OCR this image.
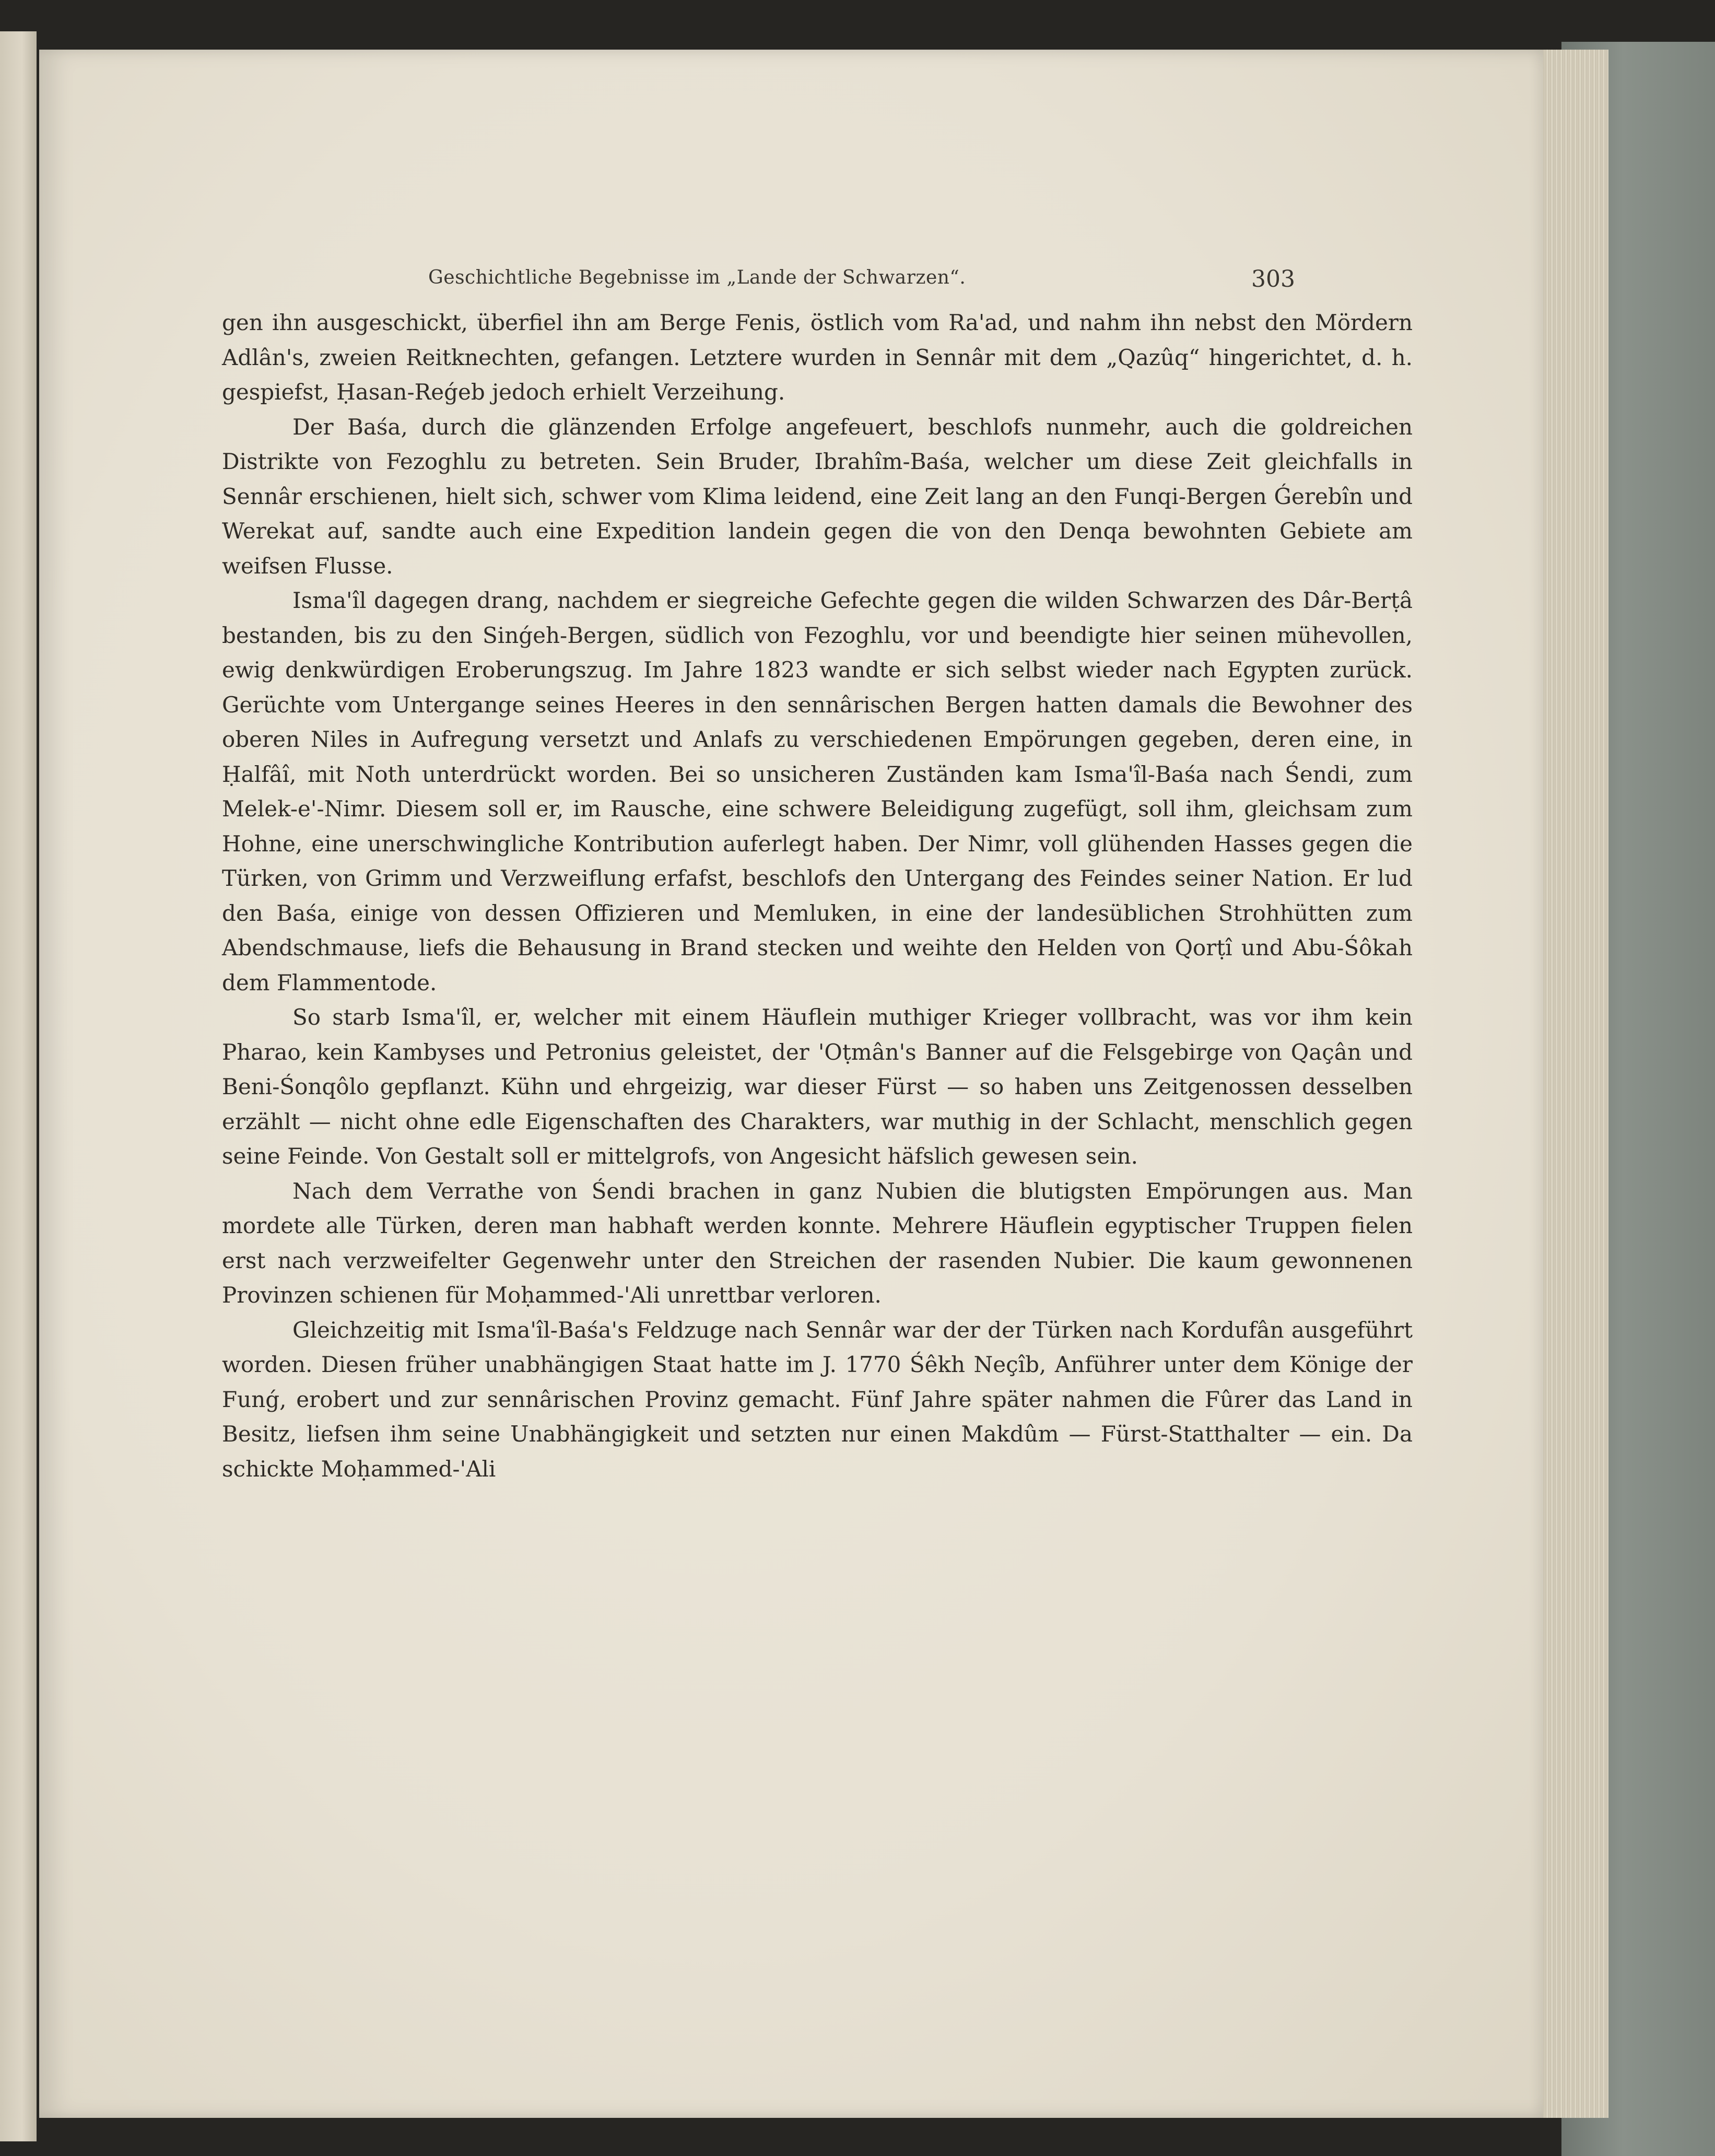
Geschichtliche Begebnisse im „Lande der Schwarzen“.	303

gen ihn ausgeschickt, überfiel ihn am Berge Fenis, östlich vom Ra'ad, und nahm ihn nebst den Mördern Adlân's, zweien Reitknechten, gefangen. Letztere wurden in Sennâr mit dem „Qazûq“ hingerichtet, d. h. gespiefst, Ḥasan-Reǵeb jedoch erhielt Verzeihung.

Der Baśa, durch die glänzenden Erfolge angefeuert, beschlofs nunmehr, auch die goldreichen Distrikte von Fezoghlu zu betreten. Sein Bruder, Ibrahîm-Baśa, welcher um diese Zeit gleichfalls in Sennâr erschienen, hielt sich, schwer vom Klima leidend, eine Zeit lang an den Funqi-Bergen Ǵerebîn und Werekat auf, sandte auch eine Expedition landein gegen die von den Denqa bewohnten Gebiete am weifsen Flusse.

Isma'îl dagegen drang, nachdem er siegreiche Gefechte gegen die wilden Schwarzen des Dâr-Berṭâ bestanden, bis zu den Sinǵeh-Bergen, südlich von Fezoghlu, vor und beendigte hier seinen mühevollen, ewig denkwürdigen Eroberungszug. Im Jahre 1823 wandte er sich selbst wieder nach Egypten zurück. Gerüchte vom Untergange seines Heeres in den sennârischen Bergen hatten damals die Bewohner des oberen Niles in Aufregung versetzt und Anlafs zu verschiedenen Empörungen gegeben, deren eine, in Ḥalfâî, mit Noth unterdrückt worden. Bei so unsicheren Zuständen kam Isma'îl-Baśa nach Śendi, zum Melek-e'-Nimr. Diesem soll er, im Rausche, eine schwere Beleidigung zugefügt, soll ihm, gleichsam zum Hohne, eine unerschwingliche Kontribution auferlegt haben. Der Nimr, voll glühenden Hasses gegen die Türken, von Grimm und Verzweiflung erfafst, beschlofs den Untergang des Feindes seiner Nation. Er lud den Baśa, einige von dessen Offizieren und Memluken, in eine der landesüblichen Strohhütten zum Abendschmause, liefs die Behausung in Brand stecken und weihte den Helden von Qorṭî und Abu-Śôkah dem Flammentode.

So starb Isma'îl, er, welcher mit einem Häuflein muthiger Krieger vollbracht, was vor ihm kein Pharao, kein Kambyses und Petronius geleistet, der 'Oṭmân's Banner auf die Felsgebirge von Qaçân und Beni-Śonqôlo gepflanzt. Kühn und ehrgeizig, war dieser Fürst — so haben uns Zeitgenossen desselben erzählt — nicht ohne edle Eigenschaften des Charakters, war muthig in der Schlacht, menschlich gegen seine Feinde. Von Gestalt soll er mittelgrofs, von Angesicht häfslich gewesen sein.

Nach dem Verrathe von Śendi brachen in ganz Nubien die blutigsten Empörungen aus. Man mordete alle Türken, deren man habhaft werden konnte. Mehrere Häuflein egyptischer Truppen fielen erst nach verzweifelter Gegenwehr unter den Streichen der rasenden Nubier. Die kaum gewonnenen Provinzen schienen für Moḥammed-'Ali unrettbar verloren.

Gleichzeitig mit Isma'îl-Baśa's Feldzuge nach Sennâr war der der Türken nach Kordufân ausgeführt worden. Diesen früher unabhängigen Staat hatte im J. 1770 Śêkh Neçîb, Anführer unter dem Könige der Funǵ, erobert und zur sennârischen Provinz gemacht. Fünf Jahre später nahmen die Fûrer das Land in Besitz, liefsen ihm seine Unabhängigkeit und setzten nur einen Makdûm — Fürst-Statthalter — ein. Da schickte Moḥammed-'Ali
